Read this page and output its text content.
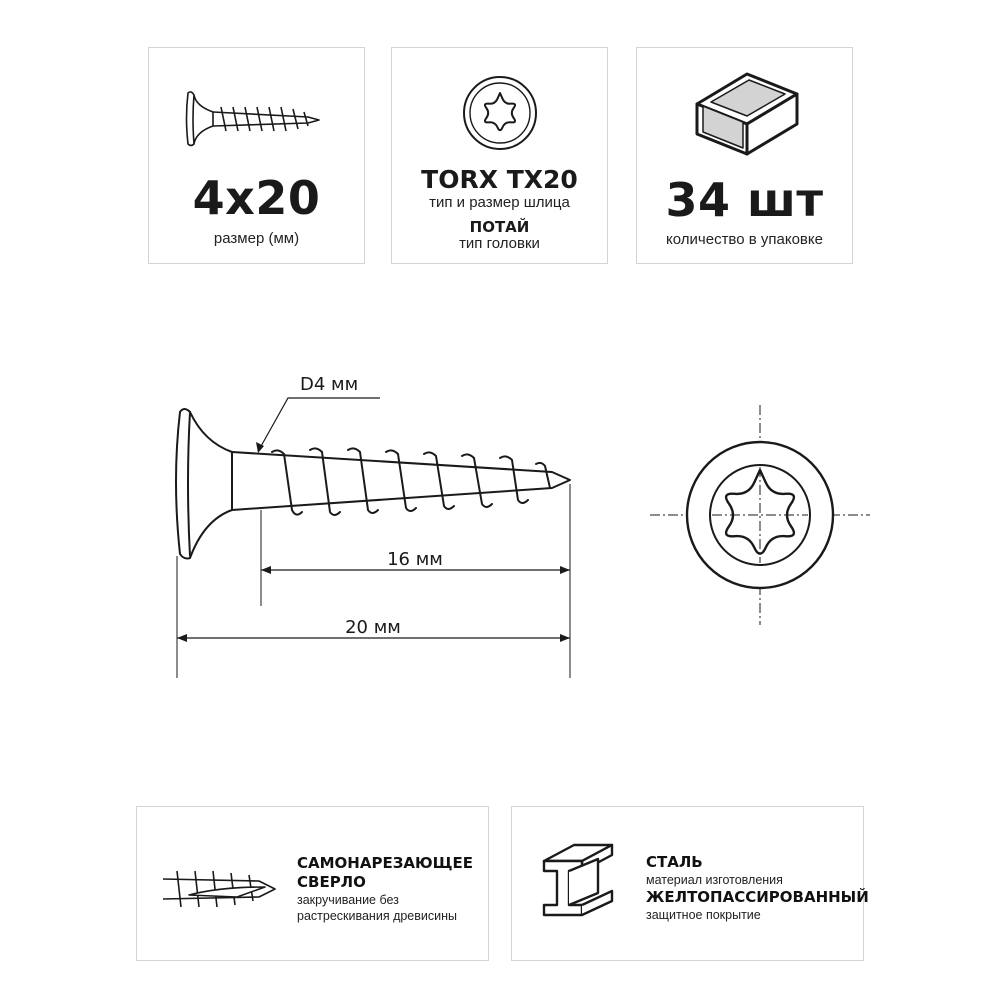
4x20
размер (мм)
TORX TX20
тип и размер шлица
ПОТАЙ
тип головки
34 шт
количество в упаковке
D4 мм
16 мм
20 мм
САМОНАРЕЗАЮЩЕЕ
СВЕРЛО
закручивание без
растрескивания древисины
СТАЛЬ
материал изготовления
ЖЕЛТОПАССИРОВАННЫЙ
защитное покрытие
